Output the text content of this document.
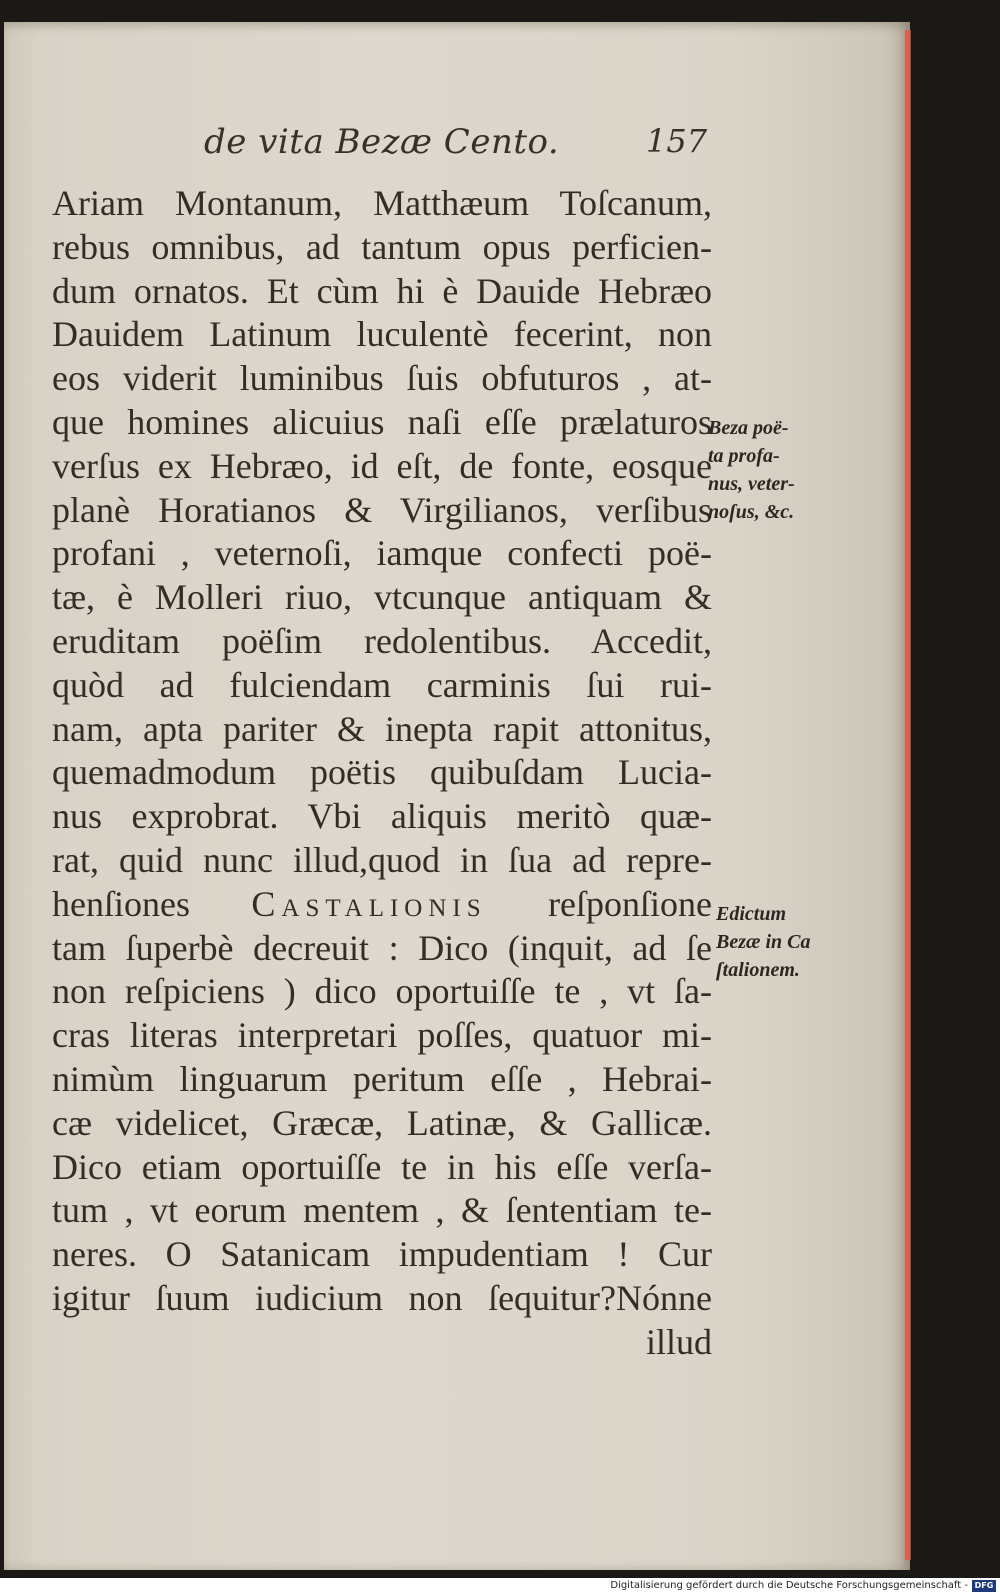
de vita Bezæ Cento.	157
Ariam Montanum, Matthæum Toſcanum,
rebus omnibus, ad tantum opus perficien-
dum ornatos. Et cùm hi è Dauide Hebræo
Dauidem Latinum luculentè fecerint, non
eos viderit luminibus ſuis obfuturos , at-
que homines alicuius naſi eſſe prælaturos
verſus ex Hebræo, id eſt, de fonte, eosque
planè Horatianos & Virgilianos, verſibus
profani , veternoſi, iamque confecti poë-
tæ, è Molleri riuo, vtcunque antiquam &
eruditam poëſim redolentibus. Accedit,
quòd ad fulciendam carminis ſui rui-
nam, apta pariter & inepta rapit attonitus,
quemadmodum poëtis quibuſdam Lucia-
nus exprobrat. Vbi aliquis meritò quæ-
rat, quid nunc illud,quod in ſua ad repre-
henſiones Castalionis reſponſione
tam ſuperbè decreuit : Dico (inquit, ad ſe
non reſpiciens ) dico oportuiſſe te , vt ſa-
cras literas interpretari poſſes, quatuor mi-
nimùm linguarum peritum eſſe , Hebrai-
cæ videlicet, Græcæ, Latinæ, & Gallicæ.
Dico etiam oportuiſſe te in his eſſe verſa-
tum , vt eorum mentem , & ſententiam te-
neres. O Satanicam impudentiam ! Cur
igitur ſuum iudicium non ſequitur?Nónne
illud
Beza poë-
ta profa-
nus, veter-
noſus, &c.
Edictum
Bezæ in Ca
ſtalionem.
Digitalisierung gefördert durch die Deutsche Forschungsgemeinschaft - DFG
